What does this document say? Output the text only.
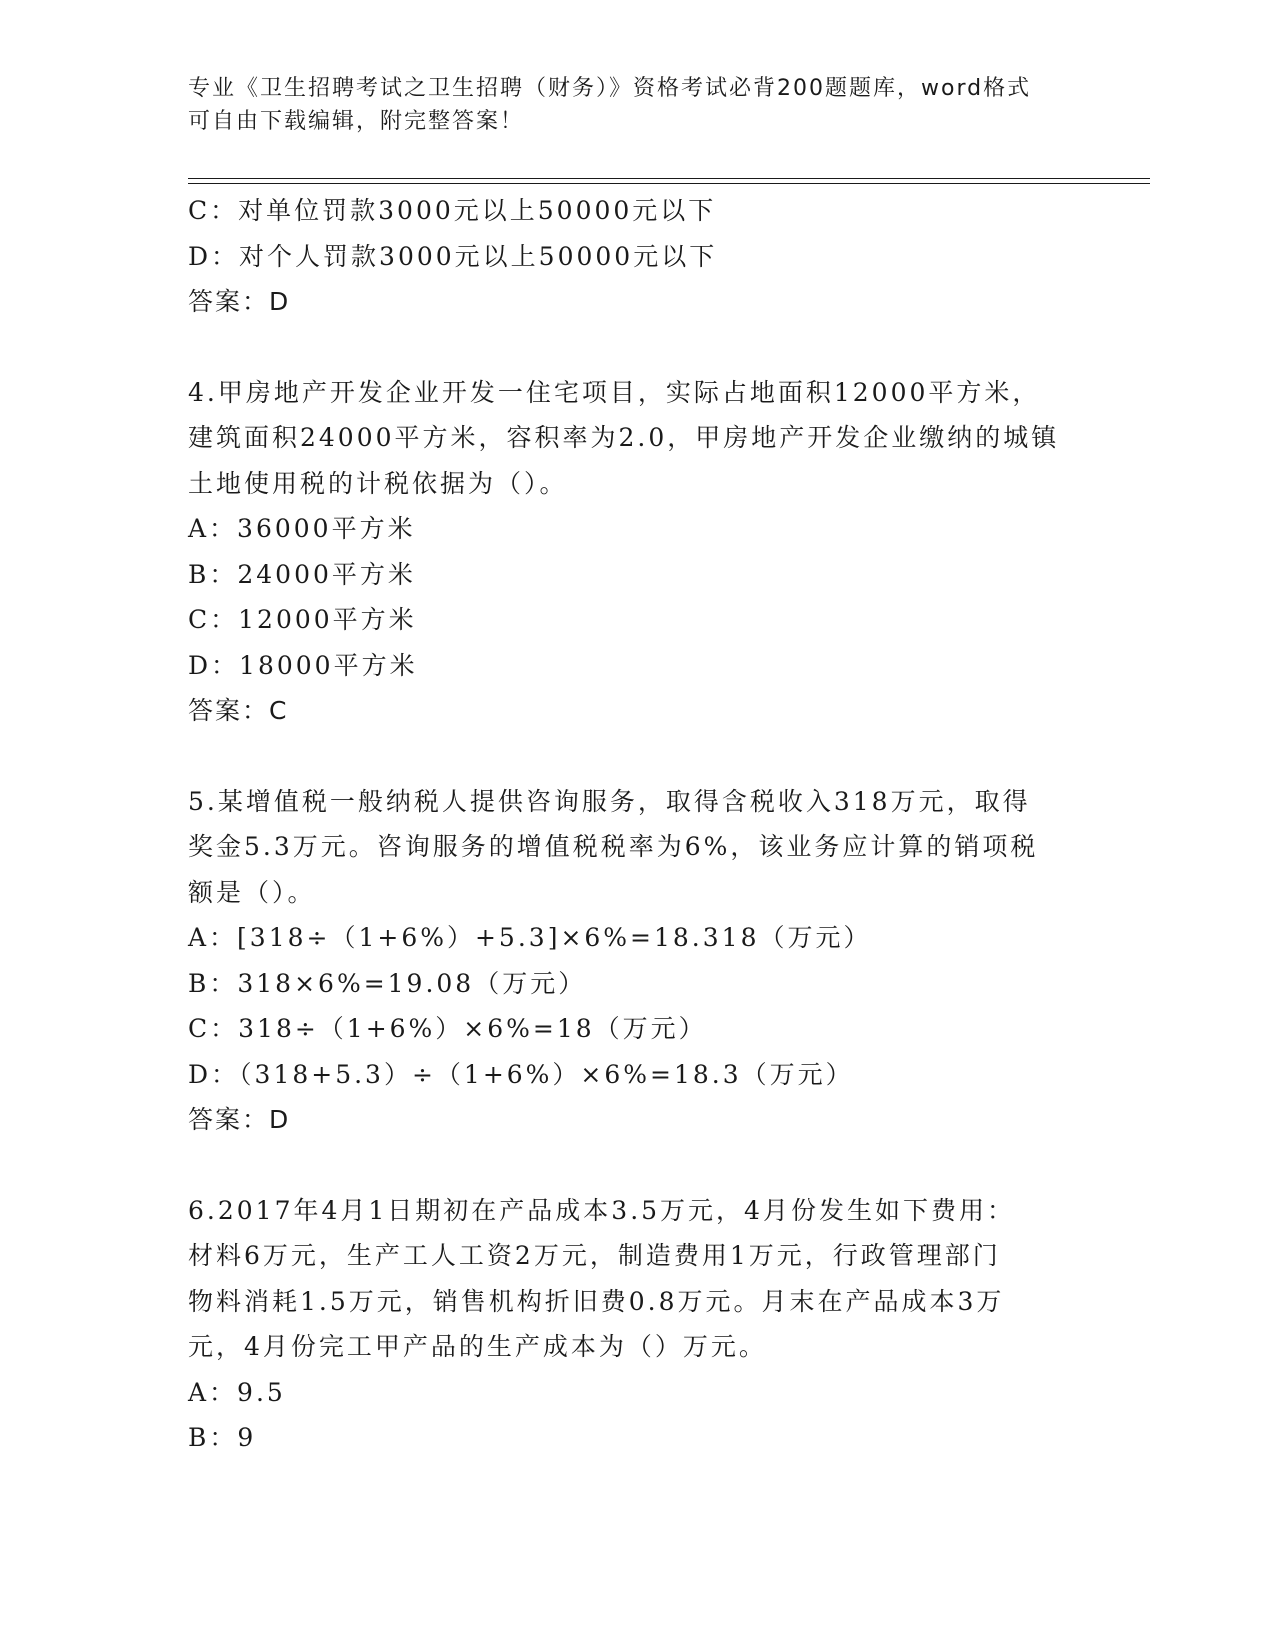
专业《卫生招聘考试之卫生招聘（财务）》资格考试必背200题题库，word格式
可自由下载编辑，附完整答案！
C：对单位罚款3000元以上50000元以下
D：对个人罚款3000元以上50000元以下
答案：D
4.甲房地产开发企业开发一住宅项目，实际占地面积12000平方米，
建筑面积24000平方米，容积率为2.0，甲房地产开发企业缴纳的城镇
土地使用税的计税依据为（）。
A：36000平方米
B：24000平方米
C：12000平方米
D：18000平方米
答案：C
5.某增值税一般纳税人提供咨询服务，取得含税收入318万元，取得
奖金5.3万元。咨询服务的增值税税率为6%，该业务应计算的销项税
额是（）。
A：[318÷（1+6%）+5.3]×6%=18.318（万元）
B：318×6%=19.08（万元）
C：318÷（1+6%）×6%=18（万元）
D：（318+5.3）÷（1+6%）×6%=18.3（万元）
答案：D
6.2017年4月1日期初在产品成本3.5万元，4月份发生如下费用：
材料6万元，生产工人工资2万元，制造费用1万元，行政管理部门
物料消耗1.5万元，销售机构折旧费0.8万元。月末在产品成本3万
元，4月份完工甲产品的生产成本为（）万元。
A：9.5
B：9
